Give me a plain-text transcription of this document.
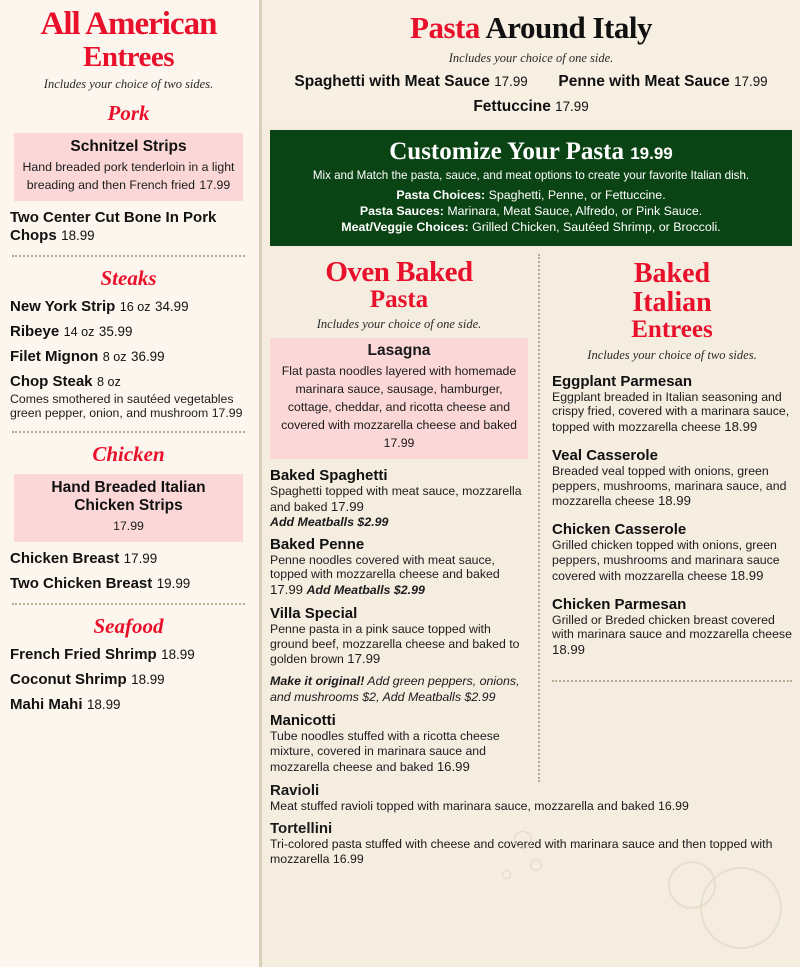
All American
Entrees
Includes your choice of two sides.
Pork
Schnitzel Strips
Hand breaded pork tenderloin in a light breading and then French fried 17.99
Two Center Cut Bone In Pork Chops 18.99
Steaks
New York Strip 16 oz 34.99
Ribeye 14 oz 35.99
Filet Mignon 8 oz 36.99
Chop Steak 8 oz
Comes smothered in sautéed vegetables green pepper, onion, and mushroom 17.99
Chicken
Hand Breaded Italian Chicken Strips
17.99
Chicken Breast 17.99
Two Chicken Breast 19.99
Seafood
French Fried Shrimp 18.99
Coconut Shrimp 18.99
Mahi Mahi 18.99
Pasta Around Italy
Includes your choice of one side.
Spaghetti with Meat Sauce 17.99 Penne with Meat Sauce 17.99
Fettuccine 17.99
Customize Your Pasta 19.99
Mix and Match the pasta, sauce, and meat options to create your favorite Italian dish.
Pasta Choices: Spaghetti, Penne, or Fettuccine.
Pasta Sauces: Marinara, Meat Sauce, Alfredo, or Pink Sauce.
Meat/Veggie Choices: Grilled Chicken, Sautéed Shrimp, or Broccoli.
Oven Baked
Pasta
Includes your choice of one side.
Lasagna
Flat pasta noodles layered with homemade marinara sauce, sausage, hamburger, cottage, cheddar, and ricotta cheese and covered with mozzarella cheese and baked 17.99
Baked Spaghetti
Spaghetti topped with meat sauce, mozzarella and baked 17.99
Add Meatballs $2.99
Baked Penne
Penne noodles covered with meat sauce, topped with mozzarella cheese and baked 17.99 Add Meatballs $2.99
Villa Special
Penne pasta in a pink sauce topped with ground beef, mozzarella cheese and baked to golden brown 17.99
Make it original! Add green peppers, onions, and mushrooms $2, Add Meatballs $2.99
Manicotti
Tube noodles stuffed with a ricotta cheese mixture, covered in marinara sauce and mozzarella cheese and baked 16.99
Baked
Italian
Entrees
Includes your choice of two sides.
Eggplant Parmesan
Eggplant breaded in Italian seasoning and crispy fried, covered with a marinara sauce, topped with mozzarella cheese 18.99
Veal Casserole
Breaded veal topped with onions, green peppers, mushrooms, marinara sauce, and mozzarella cheese 18.99
Chicken Casserole
Grilled chicken topped with onions, green peppers, mushrooms and marinara sauce covered with mozzarella cheese 18.99
Chicken Parmesan
Grilled or Breded chicken breast covered with marinara sauce and mozzarella cheese 18.99
Ravioli
Meat stuffed ravioli topped with marinara sauce, mozzarella and baked 16.99
Tortellini
Tri-colored pasta stuffed with cheese and covered with marinara sauce and then topped with mozzarella 16.99
